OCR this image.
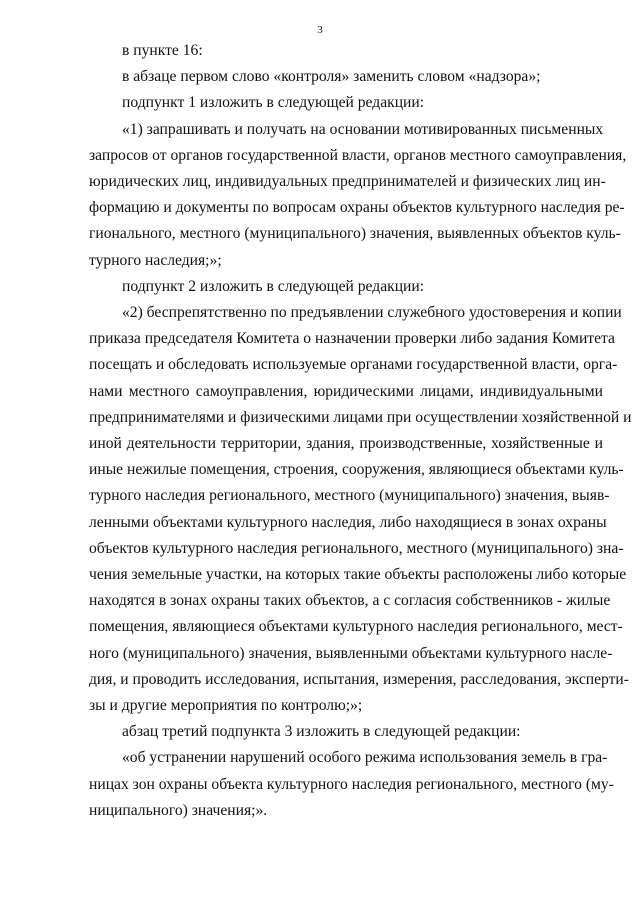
3
в пункте 16:
в абзаце первом слово «контроля» заменить словом «надзора»;
подпункт 1 изложить в следующей редакции:
«1) запрашивать и получать на основании мотивированных письменных
запросов от органов государственной власти, органов местного самоуправления,
юридических лиц, индивидуальных предпринимателей и физических лиц ин-
формацию и документы по вопросам охраны объектов культурного наследия ре-
гионального, местного (муниципального) значения, выявленных объектов куль-
турного наследия;»;
подпункт 2 изложить в следующей редакции:
«2) беспрепятственно по предъявлении служебного удостоверения и копии
приказа председателя Комитета о назначении проверки либо задания Комитета
посещать и обследовать используемые органами государственной власти, орга-
нами местного самоуправления, юридическими лицами, индивидуальными
предпринимателями и физическими лицами при осуществлении хозяйственной и
иной деятельности территории, здания, производственные, хозяйственные и
иные нежилые помещения, строения, сооружения, являющиеся объектами куль-
турного наследия регионального, местного (муниципального) значения, выяв-
ленными объектами культурного наследия, либо находящиеся в зонах охраны
объектов культурного наследия регионального, местного (муниципального) зна-
чения земельные участки, на которых такие объекты расположены либо которые
находятся в зонах охраны таких объектов, а с согласия собственников - жилые
помещения, являющиеся объектами культурного наследия регионального, мест-
ного (муниципального) значения, выявленными объектами культурного насле-
дия, и проводить исследования, испытания, измерения, расследования, эксперти-
зы и другие мероприятия по контролю;»;
абзац третий подпункта 3 изложить в следующей редакции:
«об устранении нарушений особого режима использования земель в гра-
ницах зон охраны объекта культурного наследия регионального, местного (му-
ниципального) значения;».
